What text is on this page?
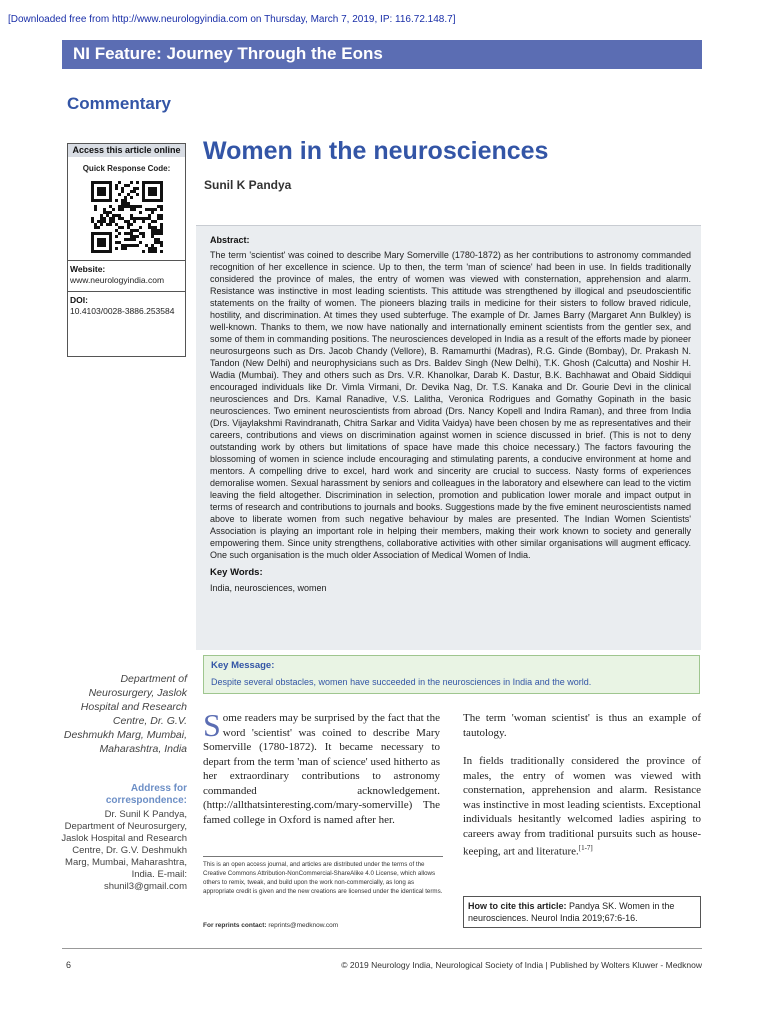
[Downloaded free from http://www.neurologyindia.com on Thursday, March 7, 2019, IP: 116.72.148.7]
NI Feature: Journey Through the Eons
Commentary
Access this article online
Quick Response Code:
Website:
www.neurologyindia.com
DOI:
10.4103/0028-3886.253584
Women in the neurosciences
Sunil K Pandya
Abstract:
The term 'scientist' was coined to describe Mary Somerville (1780-1872) as her contributions to astronomy commanded recognition of her excellence in science. Up to then, the term 'man of science' had been in use. In fields traditionally considered the province of males, the entry of women was viewed with consternation, apprehension and alarm. Resistance was instinctive in most leading scientists. This attitude was strengthened by illogical and pseudoscientific statements on the frailty of women. The pioneers blazing trails in medicine for their sisters to follow braved ridicule, hostility, and discrimination. At times they used subterfuge. The example of Dr. James Barry (Margaret Ann Bulkley) is well-known. Thanks to them, we now have nationally and internationally eminent scientists from the gentler sex, and some of them in commanding positions. The neurosciences developed in India as a result of the efforts made by pioneer neurosurgeons such as Drs. Jacob Chandy (Vellore), B. Ramamurthi (Madras), R.G. Ginde (Bombay), Dr. Prakash N. Tandon (New Delhi) and neurophysicians such as Drs. Baldev Singh (New Delhi), T.K. Ghosh (Calcutta) and Noshir H. Wadia (Mumbai). They and others such as Drs. V.R. Khanolkar, Darab K. Dastur, B.K. Bachhawat and Obaid Siddiqui encouraged individuals like Dr. Vimla Virmani, Dr. Devika Nag, Dr. T.S. Kanaka and Dr. Gourie Devi in the clinical neurosciences and Drs. Kamal Ranadive, V.S. Lalitha, Veronica Rodrigues and Gomathy Gopinath in the basic neurosciences. Two eminent neuroscientists from abroad (Drs. Nancy Kopell and Indira Raman), and three from India (Drs. Vijaylakshmi Ravindranath, Chitra Sarkar and Vidita Vaidya) have been chosen by me as representatives and their careers, contributions and views on discrimination against women in science discussed in brief. (This is not to deny outstanding work by others but limitations of space have made this choice necessary.) The factors favouring the blossoming of women in science include encouraging and stimulating parents, a conducive environment at home and mentors. A compelling drive to excel, hard work and sincerity are crucial to success. Nasty forms of experiences demoralise women. Sexual harassment by seniors and colleagues in the laboratory and elsewhere can lead to the victim leaving the field altogether. Discrimination in selection, promotion and publication lower morale and impact output in terms of research and contributions to journals and books. Suggestions made by the five eminent neuroscientists named above to liberate women from such negative behaviour by males are presented. The Indian Women Scientists' Association is playing an important role in helping their members, making their work known to society and generally empowering them. Since unity strengthens, collaborative activities with other similar organisations will augment efficacy. One such organisation is the much older Association of Medical Women of India.
Key Words:
India, neurosciences, women
Key Message:
Despite several obstacles, women have succeeded in the neurosciences in India and the world.
Department of Neurosurgery, Jaslok Hospital and Research Centre, Dr. G.V. Deshmukh Marg, Mumbai, Maharashtra, India
Address for correspondence:
Dr. Sunil K Pandya, Department of Neurosurgery, Jaslok Hospital and Research Centre, Dr. G.V. Deshmukh Marg, Mumbai, Maharashtra, India. E-mail: shunil3@gmail.com
Some readers may be surprised by the fact that the word 'scientist' was coined to describe Mary Somerville (1780-1872). It became necessary to depart from the term 'man of science' used hitherto as her extraordinary contributions to astronomy commanded acknowledgement. (http://allthatsinteresting.com/mary-somerville) The famed college in Oxford is named after her.
This is an open access journal, and articles are distributed under the terms of the Creative Commons Attribution-NonCommercial-ShareAlike 4.0 License, which allows others to remix, tweak, and build upon the work non-commercially, as long as appropriate credit is given and the new creations are licensed under the identical terms.
For reprints contact: reprints@medknow.com

The term 'woman scientist' is thus an example of tautology.

In fields traditionally considered the province of males, the entry of women was viewed with consternation, apprehension and alarm. Resistance was instinctive in most leading scientists. Exceptional individuals hesitantly welcomed ladies aspiring to careers away from traditional pursuits such as house-keeping, art and literature.[1-7]

How to cite this article: Pandya SK. Women in the neurosciences. Neurol India 2019;67:6-16.
6	© 2019 Neurology India, Neurological Society of India | Published by Wolters Kluwer - Medknow
